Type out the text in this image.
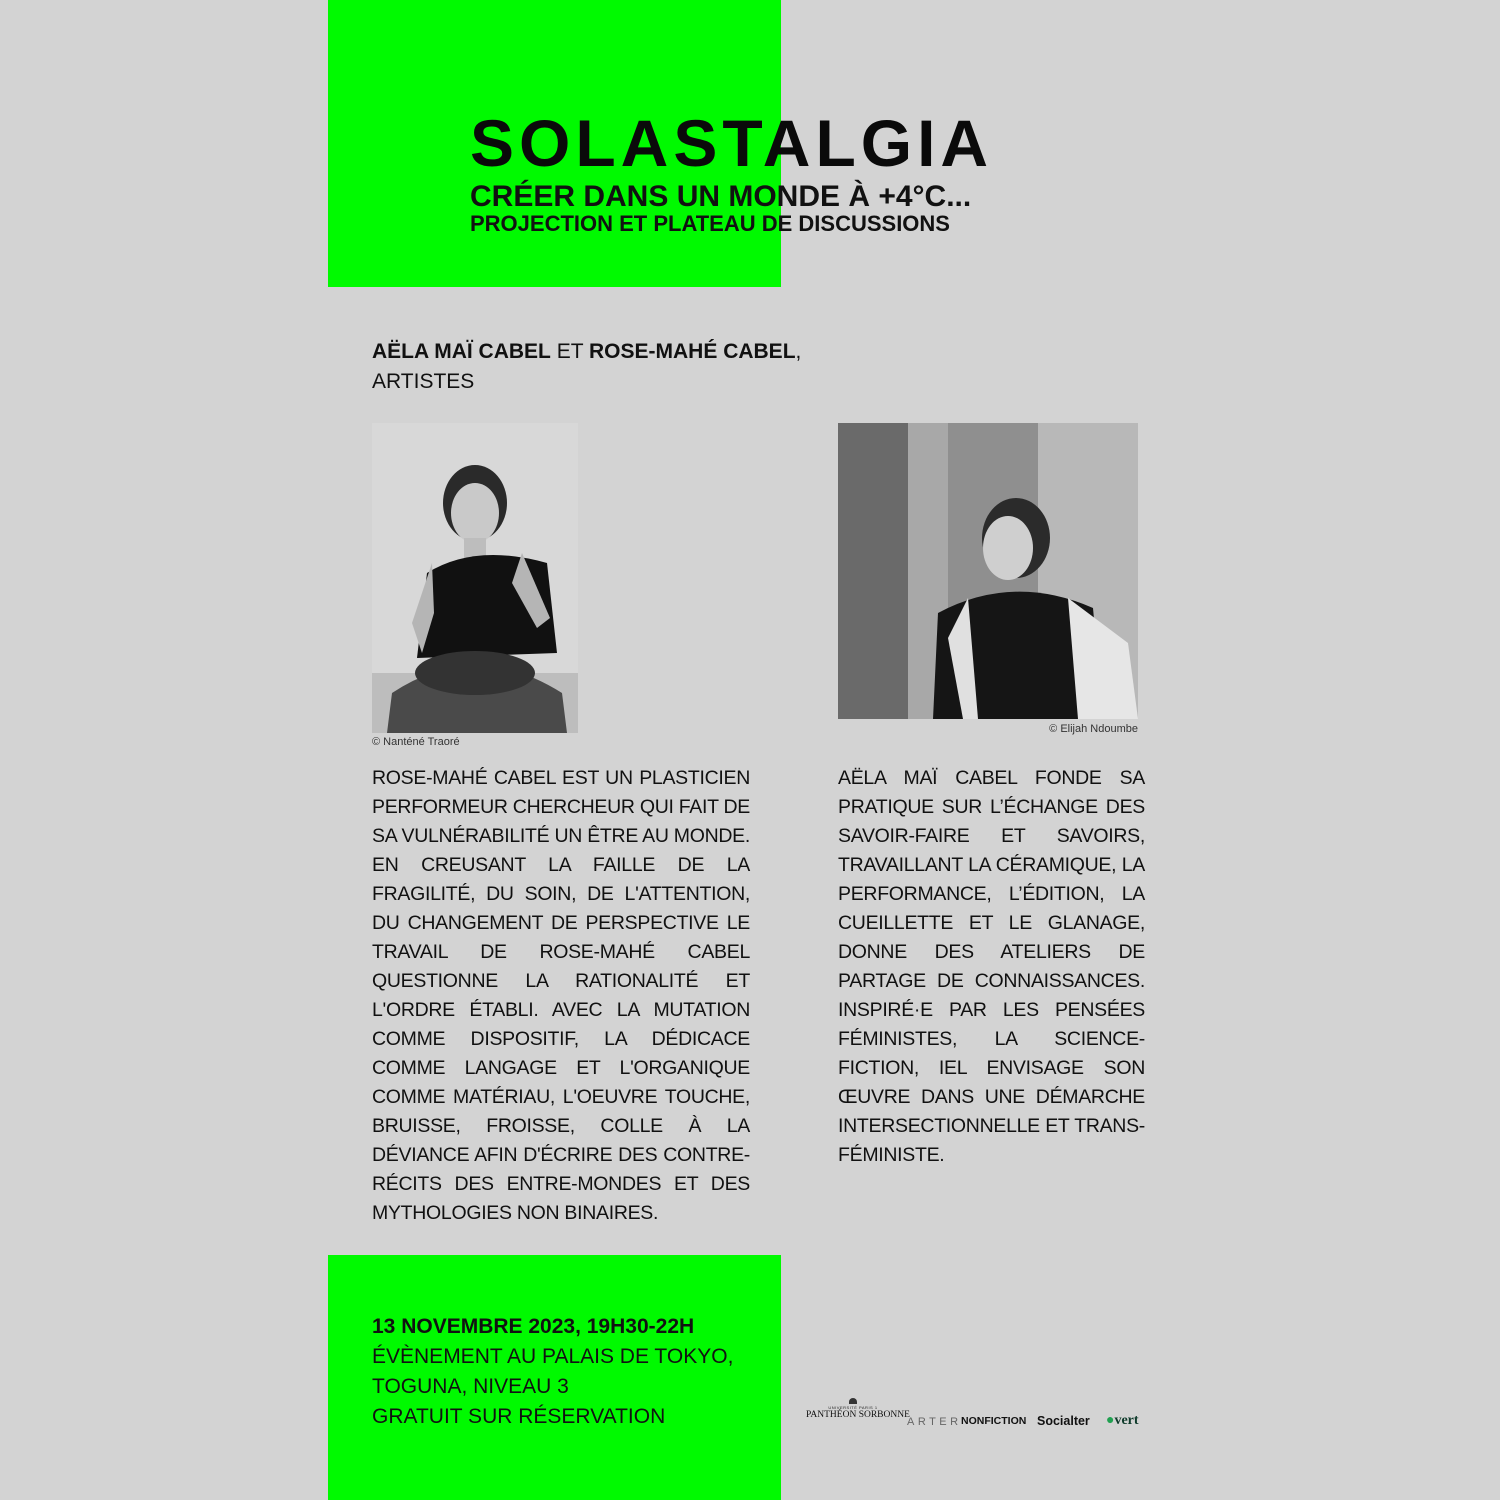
SOLASTALGIA
CRÉER DANS UN MONDE À +4°C...
PROJECTION ET PLATEAU DE DISCUSSIONS
AËLA MAÏ CABEL ET ROSE-MAHÉ CABEL,
ARTISTES
© Nanténé Traoré
© Elijah Ndoumbe

ROSE-MAHÉ CABEL EST UN PLASTICIEN PERFORMEUR CHERCHEUR QUI FAIT DE SA VULNÉRABILITÉ UN ÊTRE AU MONDE. EN CREUSANT LA FAILLE DE LA FRAGILITÉ, DU SOIN, DE L'ATTENTION, DU CHANGEMENT DE PERSPECTIVE LE TRAVAIL DE ROSE-MAHÉ CABEL QUESTIONNE LA RATIONALITÉ ET L'ORDRE ÉTABLI. AVEC LA MUTATION COMME DISPOSITIF, LA DÉDICACE COMME LANGAGE ET L'ORGANIQUE COMME MATÉRIAU, L'OEUVRE TOUCHE, BRUISSE, FROISSE, COLLE À LA DÉVIANCE AFIN D'ÉCRIRE DES CONTRE-RÉCITS DES ENTRE-MONDES ET DES MYTHOLOGIES NON BINAIRES.

AËLA MAÏ CABEL FONDE SA PRATIQUE SUR L’ÉCHANGE DES SAVOIR-FAIRE ET SAVOIRS, TRAVAILLANT LA CÉRAMIQUE, LA PERFORMANCE, L’ÉDITION, LA CUEILLETTE ET LE GLANAGE, DONNE DES ATELIERS DE PARTAGE DE CONNAISSANCES. INSPIRÉ·E PAR LES PENSÉES FÉMINISTES, LA SCIENCE-FICTION, IEL ENVISAGE SON ŒUVRE DANS UNE DÉMARCHE INTERSECTIONNELLE ET TRANS-FÉMINISTE.

13 NOVEMBRE 2023, 19H30-22H
ÉVÈNEMENT AU PALAIS DE TOKYO,
TOGUNA, NIVEAU 3
GRATUIT SUR RÉSERVATION	UNIVERSITÉ PARIS 1
PANTHÉON SORBONNE
ARTER NONFICTION Socialter ●vert
